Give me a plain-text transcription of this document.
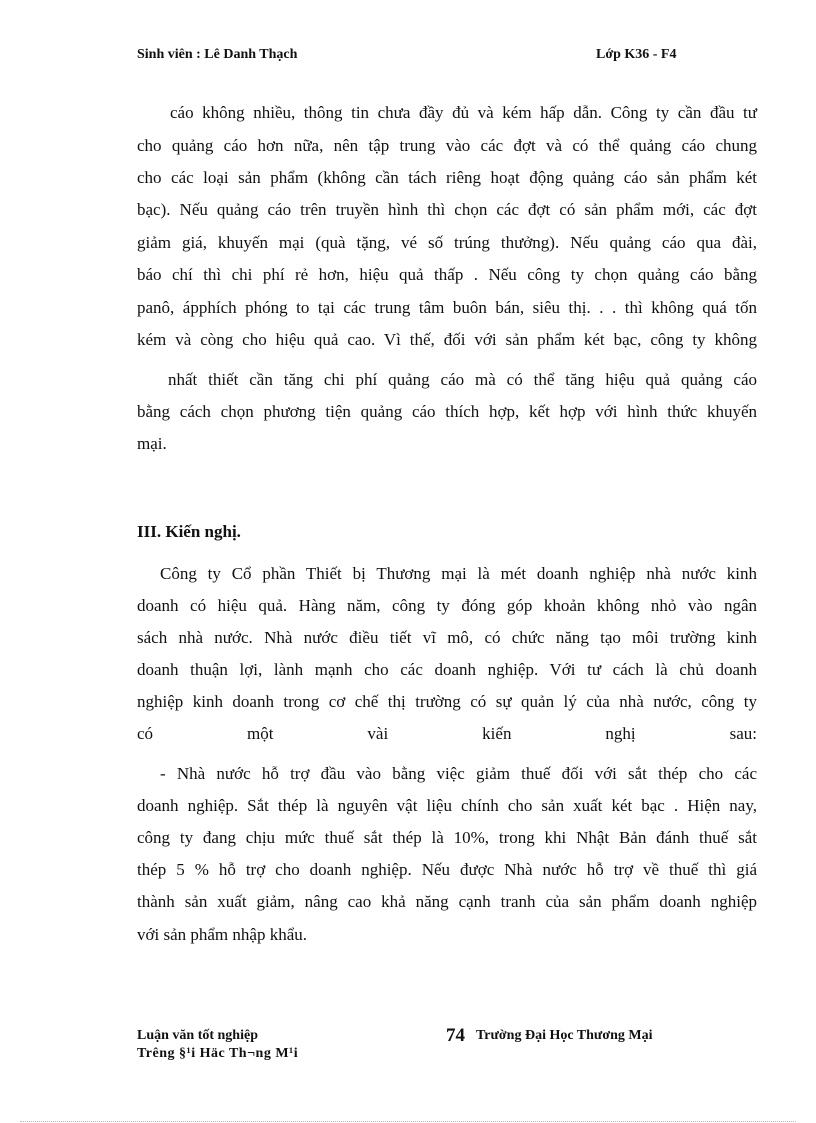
Sinh viên : Lê Danh Thạch	Lớp K36 - F4
cáo không nhiều, thông tin chưa đầy đủ và kém hấp dẫn. Công ty cần đầu tư
cho quảng cáo hơn nữa, nên tập trung vào các đợt và có thể quảng cáo chung
cho các loại sản phẩm (không cần tách riêng hoạt động quảng cáo sản phẩm két
bạc). Nếu quảng cáo trên truyền hình thì chọn các đợt có sản phẩm mới, các đợt
giảm giá, khuyến mại (quà tặng, vé số trúng thưởng). Nếu quảng cáo qua đài,
báo chí thì chi phí rẻ hơn, hiệu quả thấp . Nếu công ty chọn quảng cáo bằng
panô, ápphích phóng to tại các trung tâm buôn bán, siêu thị. . . thì không quá tốn
kém và còng cho hiệu quả cao. Vì thế, đối với sản phẩm két bạc, công ty không
nhất thiết cần tăng chi phí quảng cáo mà có thể tăng hiệu quả quảng cáo
bằng cách chọn phương tiện quảng cáo thích hợp, kết hợp với hình thức khuyến
mại.
III. Kiến nghị.
Công ty Cổ phần Thiết bị Thương mại là mét doanh nghiệp nhà nước kinh
doanh có hiệu quả. Hàng năm, công ty đóng góp khoản không nhỏ vào ngân
sách nhà nước. Nhà nước điều tiết vĩ mô, có chức năng tạo môi trường kinh
doanh thuận lợi, lành mạnh cho các doanh nghiệp. Với tư cách là chủ doanh
nghiệp kinh doanh trong cơ chế thị trường có sự quản lý của nhà nước, công ty
có một vài kiến nghị sau:
- Nhà nước hỗ trợ đầu vào bằng việc giảm thuế đối với sắt thép cho các
doanh nghiệp. Sắt thép là nguyên vật liệu chính cho sản xuất két bạc . Hiện nay,
công ty đang chịu mức thuế sắt thép là 10%, trong khi Nhật Bản đánh thuế sắt
thép 5 % hỗ trợ cho doanh nghiệp. Nếu được Nhà nước hỗ trợ về thuế thì giá
thành sản xuất giảm, nâng cao khả năng cạnh tranh của sản phẩm doanh nghiệp
với sản phẩm nhập khẩu.
Luận văn tốt nghiệp
Trêng §¹i Häc Th¬ng M¹i
74 Trường Đại Học Thương Mại
